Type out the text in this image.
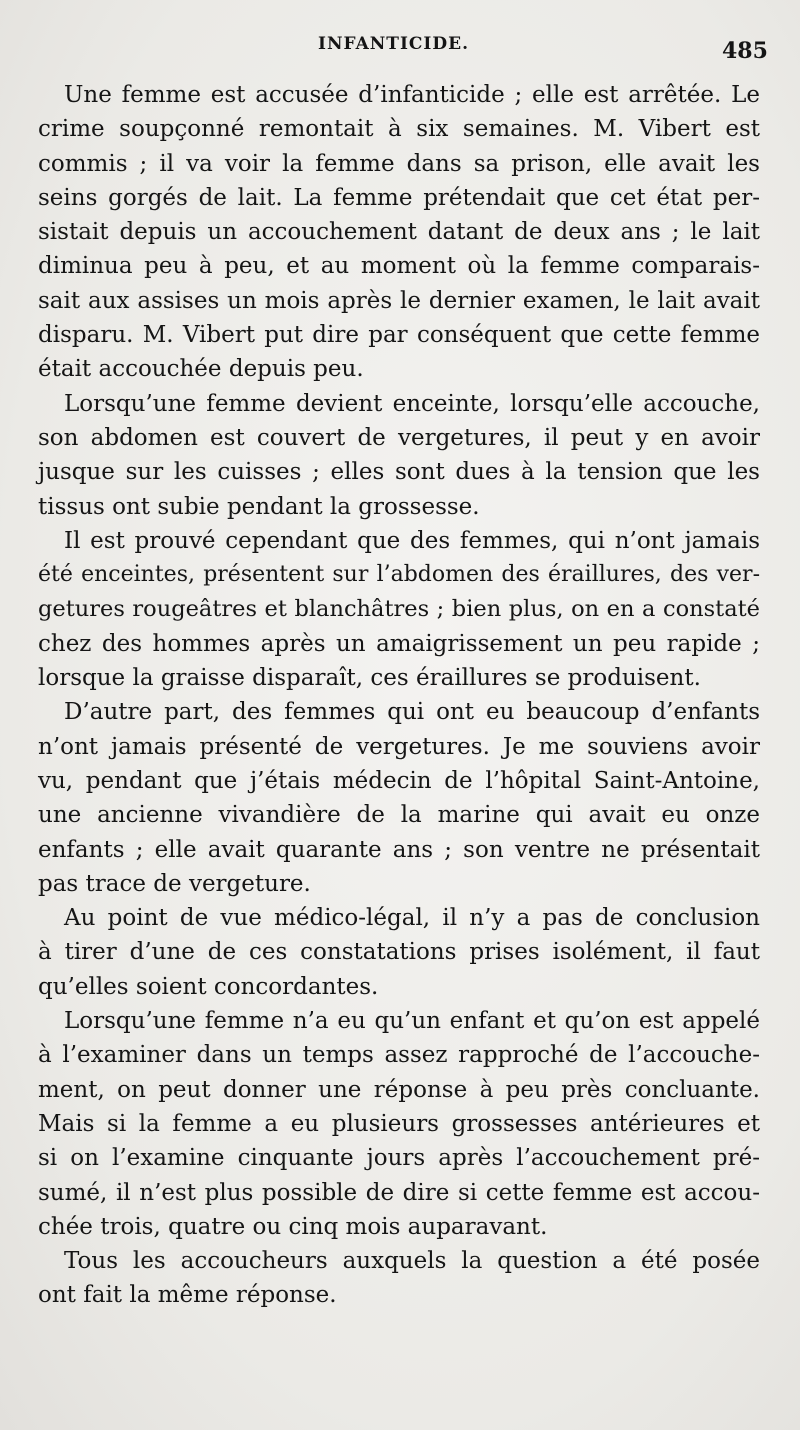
INFANTICIDE.	485
Une femme est accusée d’infanticide ; elle est arrêtée. Le
crime soupçonné remontait à six semaines. M. Vibert est
commis ; il va voir la femme dans sa prison, elle avait les
seins gorgés de lait. La femme prétendait que cet état per-
sistait depuis un accouchement datant de deux ans ; le lait
diminua peu à peu, et au moment où la femme comparais-
sait aux assises un mois après le dernier examen, le lait avait
disparu. M. Vibert put dire par conséquent que cette femme
était accouchée depuis peu.
Lorsqu’une femme devient enceinte, lorsqu’elle accouche,
son abdomen est couvert de vergetures, il peut y en avoir
jusque sur les cuisses ; elles sont dues à la tension que les
tissus ont subie pendant la grossesse.
Il est prouvé cependant que des femmes, qui n’ont jamais
été enceintes, présentent sur l’abdomen des éraillures, des ver-
getures rougeâtres et blanchâtres ; bien plus, on en a constaté
chez des hommes après un amaigrissement un peu rapide ;
lorsque la graisse disparaît, ces éraillures se produisent.
D’autre part, des femmes qui ont eu beaucoup d’enfants
n’ont jamais présenté de vergetures. Je me souviens avoir
vu, pendant que j’étais médecin de l’hôpital Saint-Antoine,
une ancienne vivandière de la marine qui avait eu onze
enfants ; elle avait quarante ans ; son ventre ne présentait
pas trace de vergeture.
Au point de vue médico-légal, il n’y a pas de conclusion
à tirer d’une de ces constatations prises isolément, il faut
qu’elles soient concordantes.
Lorsqu’une femme n’a eu qu’un enfant et qu’on est appelé
à l’examiner dans un temps assez rapproché de l’accouche-
ment, on peut donner une réponse à peu près concluante.
Mais si la femme a eu plusieurs grossesses antérieures et
si on l’examine cinquante jours après l’accouchement pré-
sumé, il n’est plus possible de dire si cette femme est accou-
chée trois, quatre ou cinq mois auparavant.
Tous les accoucheurs auxquels la question a été posée
ont fait la même réponse.
